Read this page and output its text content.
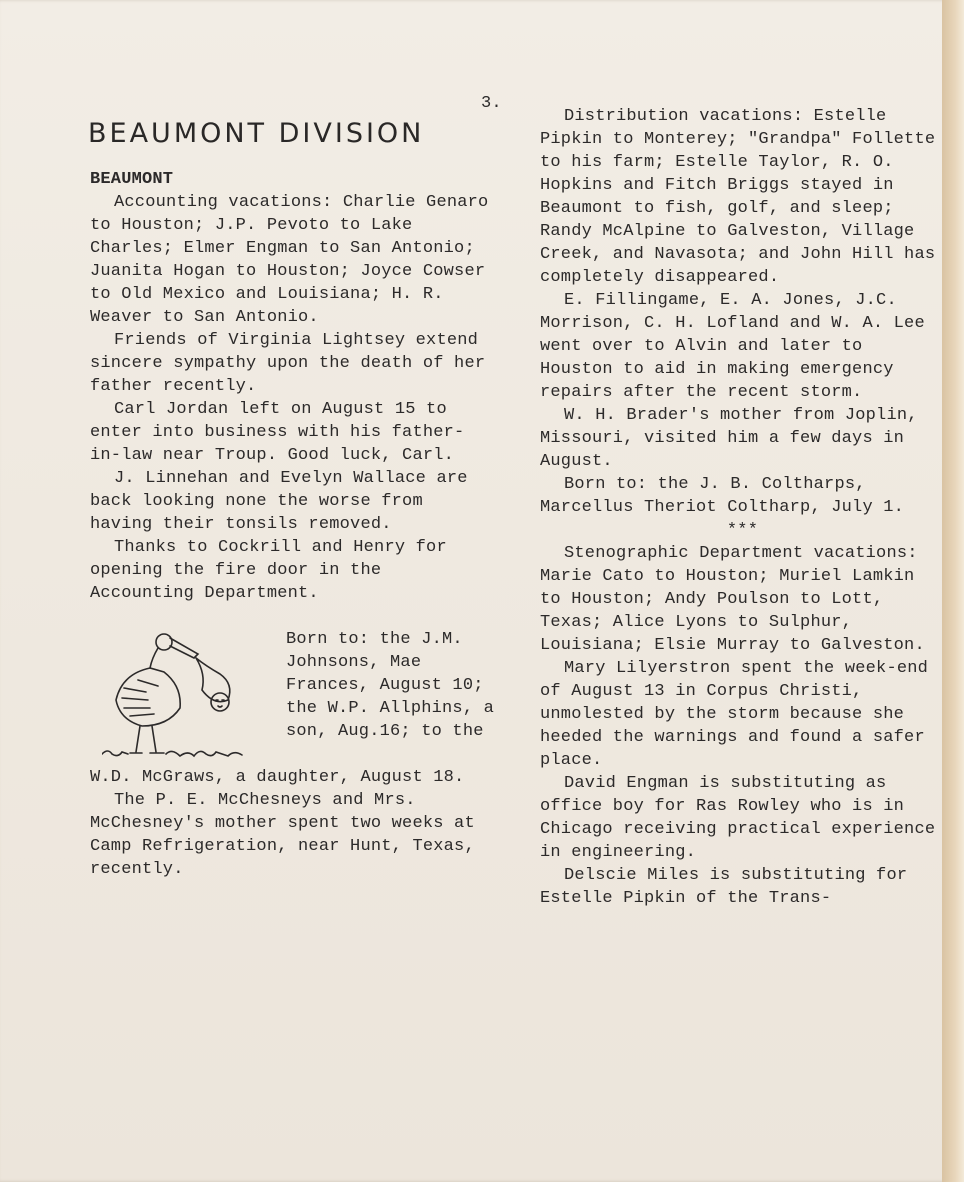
3.
BEAUMONT DIVISION

BEAUMONT

Accounting vacations: Charlie Genaro to Houston; J.P. Pevoto to Lake Charles; Elmer Engman to San Antonio; Juanita Hogan to Houston; Joyce Cowser to Old Mexico and Louisiana; H. R. Weaver to San Antonio.

Friends of Virginia Lightsey extend sincere sympathy upon the death of her father recently.

Carl Jordan left on August 15 to enter into business with his father-in-law near Troup. Good luck, Carl.

J. Linnehan and Evelyn Wallace are back looking none the worse from having their tonsils removed.

Thanks to Cockrill and Henry for opening the fire door in the Accounting Department.

Born to: the J.M. Johnsons, Mae Frances, August 10; the W.P. Allphins, a son, Aug.16; to the

W.D. McGraws, a daughter, August 18.

The P. E. McChesneys and Mrs. McChesney's mother spent two weeks at Camp Refrigeration, near Hunt, Texas, recently.

Distribution vacations: Estelle Pipkin to Monterey; "Grandpa" Follette to his farm; Estelle Taylor, R. O. Hopkins and Fitch Briggs stayed in Beaumont to fish, golf, and sleep; Randy McAlpine to Galveston, Village Creek, and Navasota; and John Hill has completely disappeared.

E. Fillingame, E. A. Jones, J.C. Morrison, C. H. Lofland and W. A. Lee went over to Alvin and later to Houston to aid in making emergency repairs after the recent storm.

W. H. Brader's mother from Joplin, Missouri, visited him a few days in August.

Born to: the J. B. Coltharps, Marcellus Theriot Coltharp, July 1.

***

Stenographic Department vacations: Marie Cato to Houston; Muriel Lamkin to Houston; Andy Poulson to Lott, Texas; Alice Lyons to Sulphur, Louisiana; Elsie Murray to Galveston.

Mary Lilyerstron spent the week-end of August 13 in Corpus Christi, unmolested by the storm because she heeded the warnings and found a safer place.

David Engman is substituting as office boy for Ras Rowley who is in Chicago receiving practical experience in engineering.

Delscie Miles is substituting for Estelle Pipkin of the Trans-
